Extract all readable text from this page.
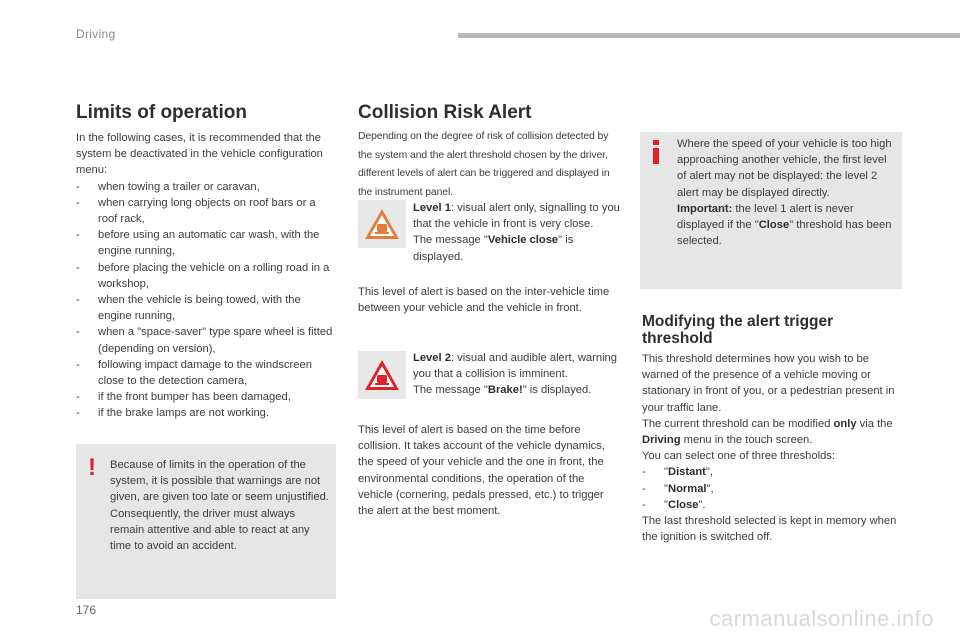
Driving
176	carmanualsonline.info
Limits of operation
In the following cases, it is recommended that the system be deactivated in the vehicle configuration menu:
- when towing a trailer or caravan,
- when carrying long objects on roof bars or a roof rack,
- before using an automatic car wash, with the engine running,
- before placing the vehicle on a rolling road in a workshop,
- when the vehicle is being towed, with the engine running,
- when a "space-saver" type spare wheel is fitted (depending on version),
- following impact damage to the windscreen close to the detection camera,
- if the front bumper has been damaged,
- if the brake lamps are not working.
! Because of limits in the operation of the system, it is possible that warnings are not given, are given too late or seem unjustified.
Consequently, the driver must always remain attentive and able to react at any time to avoid an accident.
Collision Risk Alert
Depending on the degree of risk of collision detected by the system and the alert threshold chosen by the driver, different levels of alert can be triggered and displayed in the instrument panel.
Level 1: visual alert only, signalling to you that the vehicle in front is very close.
The message "Vehicle close" is displayed.
This level of alert is based on the inter-vehicle time between your vehicle and the vehicle in front.
Level 2: visual and audible alert, warning you that a collision is imminent.
The message "Brake!" is displayed.
This level of alert is based on the time before collision. It takes account of the vehicle dynamics, the speed of your vehicle and the one in front, the environmental conditions, the operation of the vehicle (cornering, pedals pressed, etc.) to trigger the alert at the best moment.
Where the speed of your vehicle is too high approaching another vehicle, the first level of alert may not be displayed: the level 2 alert may be displayed directly.
Important: the level 1 alert is never displayed if the "Close" threshold has been selected.
Modifying the alert trigger threshold
This threshold determines how you wish to be warned of the presence of a vehicle moving or stationary in front of you, or a pedestrian present in your traffic lane.
The current threshold can be modified only via the Driving menu in the touch screen.
You can select one of three thresholds:
- "Distant",
- "Normal",
- "Close".
The last threshold selected is kept in memory when the ignition is switched off.
